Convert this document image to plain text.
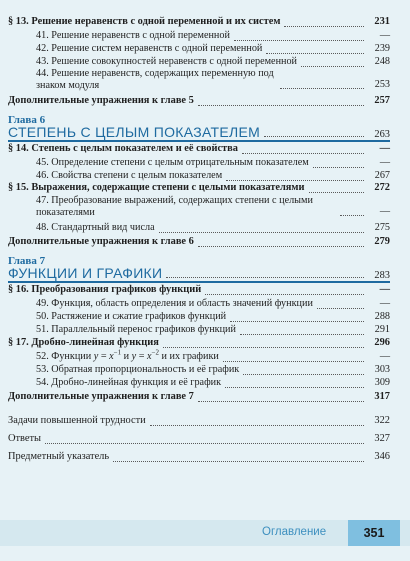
§ 13. Решение неравенств с одной переменной и их систем	231
41. Решение неравенств с одной переменной	—
42. Решение систем неравенств с одной переменной	239
43. Решение совокупностей неравенств с одной переменной	248
44. Решение неравенств, содержащих переменную под знаком модуля	253
Дополнительные упражнения к главе 5	257
Глава 6
СТЕПЕНЬ С ЦЕЛЫМ ПОКАЗАТЕЛЕМ	263
§ 14. Степень с целым показателем и её свойства	—
45. Определение степени с целым отрицательным показателем	—
46. Свойства степени с целым показателем	267
§ 15. Выражения, содержащие степени с целыми показателями	272
47. Преобразование выражений, содержащих степени с целыми показателями	—
48. Стандартный вид числа	275
Дополнительные упражнения к главе 6	279
Глава 7
ФУНКЦИИ И ГРАФИКИ	283
§ 16. Преобразования графиков функций	—
49. Функция, область определения и область значений функции	—
50. Растяжение и сжатие графиков функций	288
51. Параллельный перенос графиков функций	291
§ 17. Дробно-линейная функция	296
52. Функции $y = x^{-1}$ и $y = x^{-2}$ и их графики	—
53. Обратная пропорциональность и её график	303
54. Дробно-линейная функция и её график	309
Дополнительные упражнения к главе 7	317
Задачи повышенной трудности	322
Ответы	327
Предметный указатель	346
Оглавление	351
